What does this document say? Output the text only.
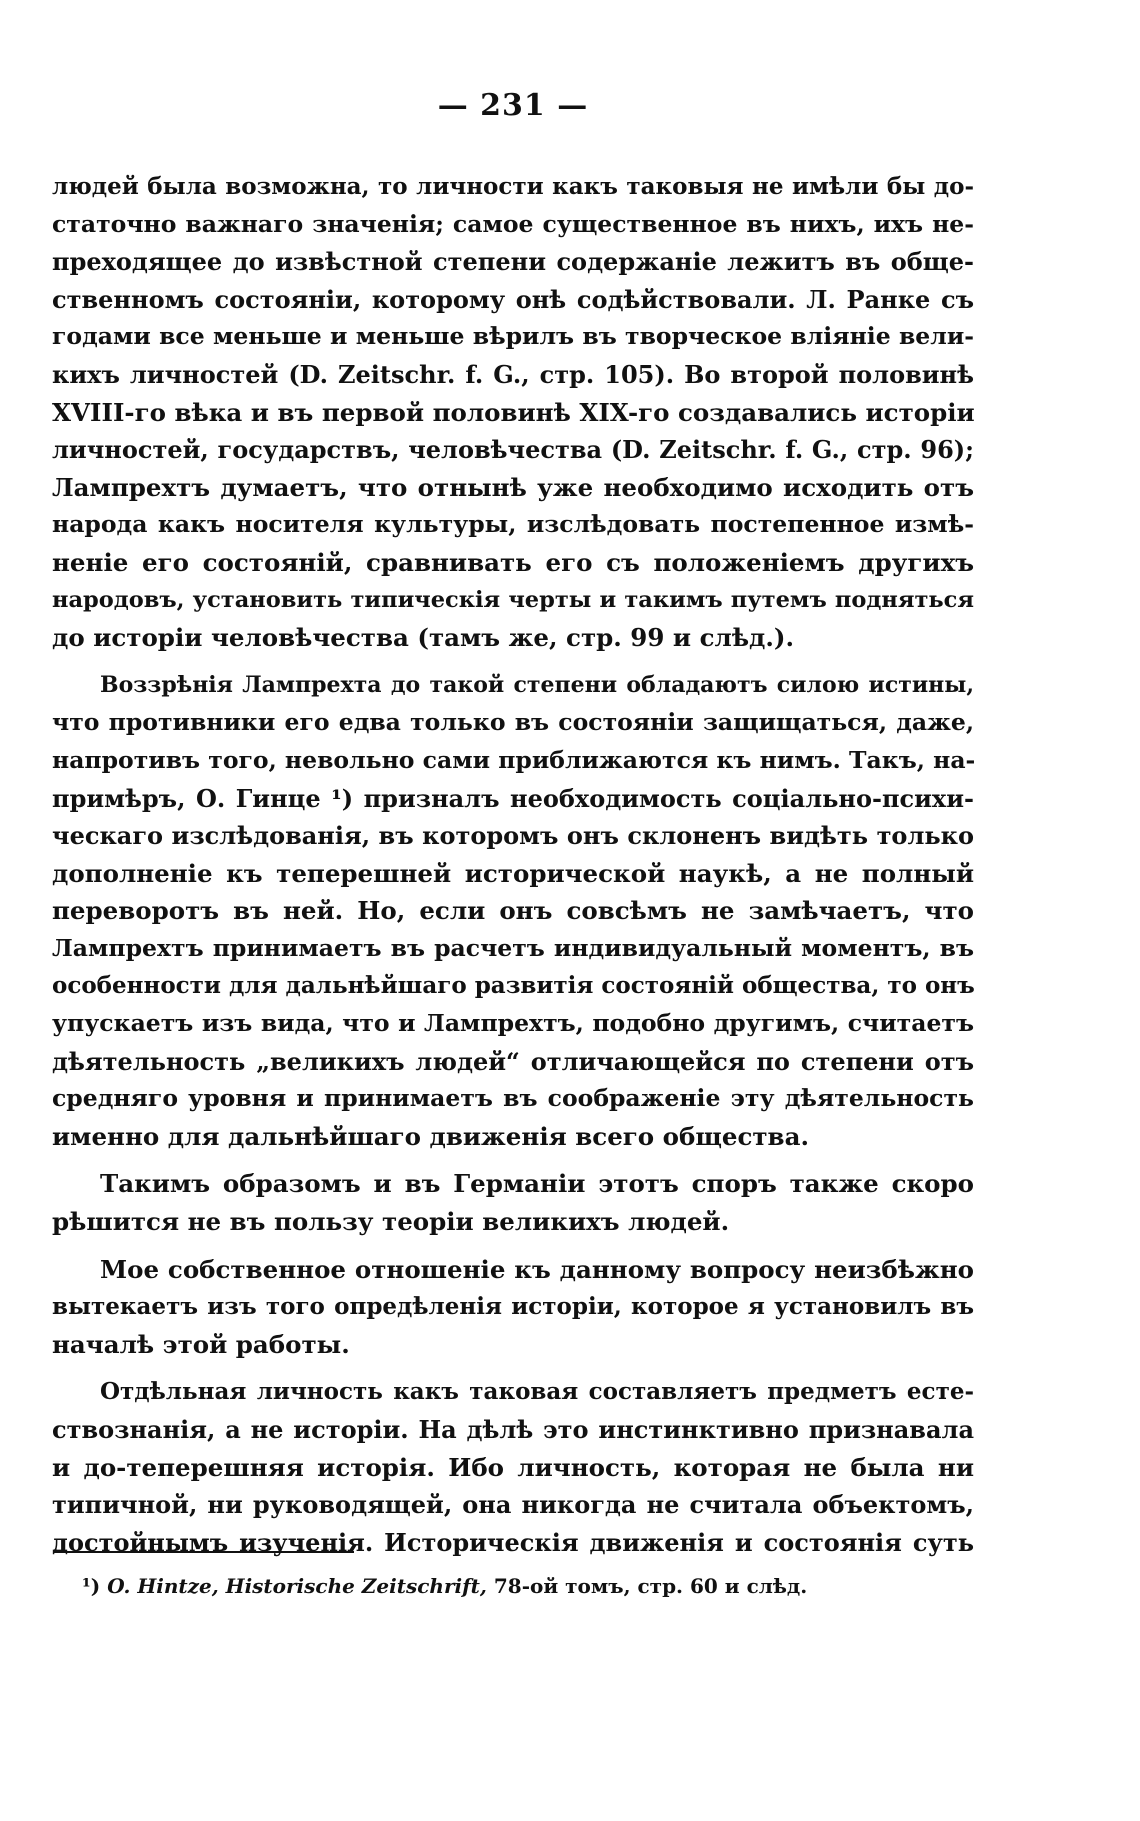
— 231 —
людей была возможна, то личности какъ таковыя не имѣли бы до-
статочно важнаго значенія; самое существенное въ нихъ, ихъ не-
преходящее до извѣстной степени содержаніе лежитъ въ обще-
ственномъ состояніи, которому онѣ содѣйствовали. Л. Ранке съ
годами все меньше и меньше вѣрилъ въ творческое вліяніе вели-
кихъ личностей (D. Zeitschr. f. G., стр. 105). Во второй половинѣ
XVIII-го вѣка и въ первой половинѣ XIX-го создавались исторіи
личностей, государствъ, человѣчества (D. Zeitschr. f. G., стр. 96);
Лампрехтъ думаетъ, что отнынѣ уже необходимо исходить отъ
народа какъ носителя культуры, изслѣдовать постепенное измѣ-
неніе его состояній, сравнивать его съ положеніемъ другихъ
народовъ, установить типическія черты и такимъ путемъ подняться
до исторіи человѣчества (тамъ же, стр. 99 и слѣд.).
Воззрѣнія Лампрехта до такой степени обладаютъ силою истины,
что противники его едва только въ состояніи защищаться, даже,
напротивъ того, невольно сами приближаются къ нимъ. Такъ, на-
примѣръ, О. Гинце ¹) призналъ необходимость соціально-психи-
ческаго изслѣдованія, въ которомъ онъ склоненъ видѣть только
дополненіе къ теперешней исторической наукѣ, а не полный
переворотъ въ ней. Но, если онъ совсѣмъ не замѣчаетъ, что
Лампрехтъ принимаетъ въ расчетъ индивидуальный моментъ, въ
особенности для дальнѣйшаго развитія состояній общества, то онъ
упускаетъ изъ вида, что и Лампрехтъ, подобно другимъ, считаетъ
дѣятельность „великихъ людей“ отличающейся по степени отъ
средняго уровня и принимаетъ въ соображеніе эту дѣятельность
именно для дальнѣйшаго движенія всего общества.
Такимъ образомъ и въ Германіи этотъ споръ также скоро
рѣшится не въ пользу теоріи великихъ людей.
Мое собственное отношеніе къ данному вопросу неизбѣжно
вытекаетъ изъ того опредѣленія исторіи, которое я установилъ въ
началѣ этой работы.
Отдѣльная личность какъ таковая составляетъ предметъ есте-
ствознанія, а не исторіи. На дѣлѣ это инстинктивно признавала
и до-теперешняя исторія. Ибо личность, которая не была ни
типичной, ни руководящей, она никогда не считала объектомъ,
достойнымъ изученія. Историческія движенія и состоянія суть
¹) O. Hintze, Historische Zeitschrift, 78-ой томъ, стр. 60 и слѣд.
